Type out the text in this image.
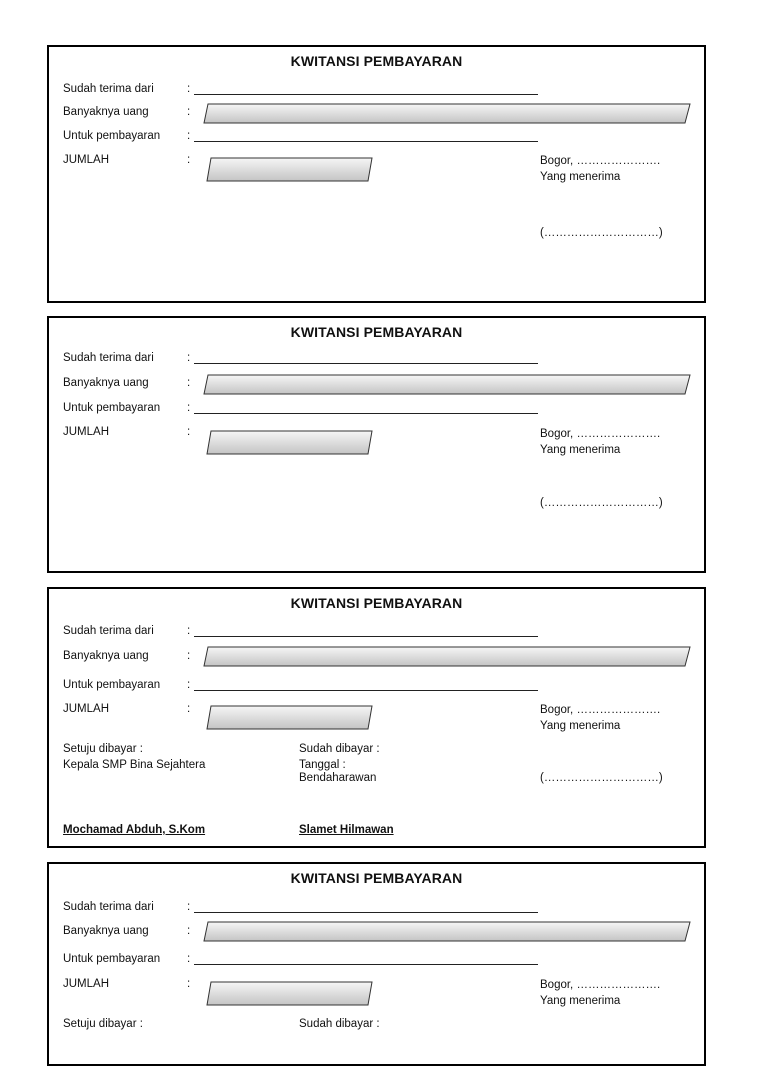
KWITANSI PEMBAYARAN
Sudah terima dari	:
Banyaknya uang	:
Untuk pembayaran :
JUMLAH	:	Bogor, ………………….
Yang menerima
(…………………………)
KWITANSI PEMBAYARAN
Sudah terima dari	:
Banyaknya uang	:
Untuk pembayaran :
JUMLAH	:	Bogor, ………………….
Yang menerima
(…………………………)
KWITANSI PEMBAYARAN
Sudah terima dari	:
Banyaknya uang	:
Untuk pembayaran :
JUMLAH	:	Bogor, ………………….
Yang menerima
Setuju dibayar :
Kepala SMP Bina Sejahtera
Sudah dibayar :
Tanggal :
Bendaharawan	(…………………………)
Mochamad Abduh, S.Kom	Slamet Hilmawan
KWITANSI PEMBAYARAN
Sudah terima dari	:
Banyaknya uang	:
Untuk pembayaran :
JUMLAH	:	Bogor, ………………….
Yang menerima
Setuju dibayar :	Sudah dibayar :
